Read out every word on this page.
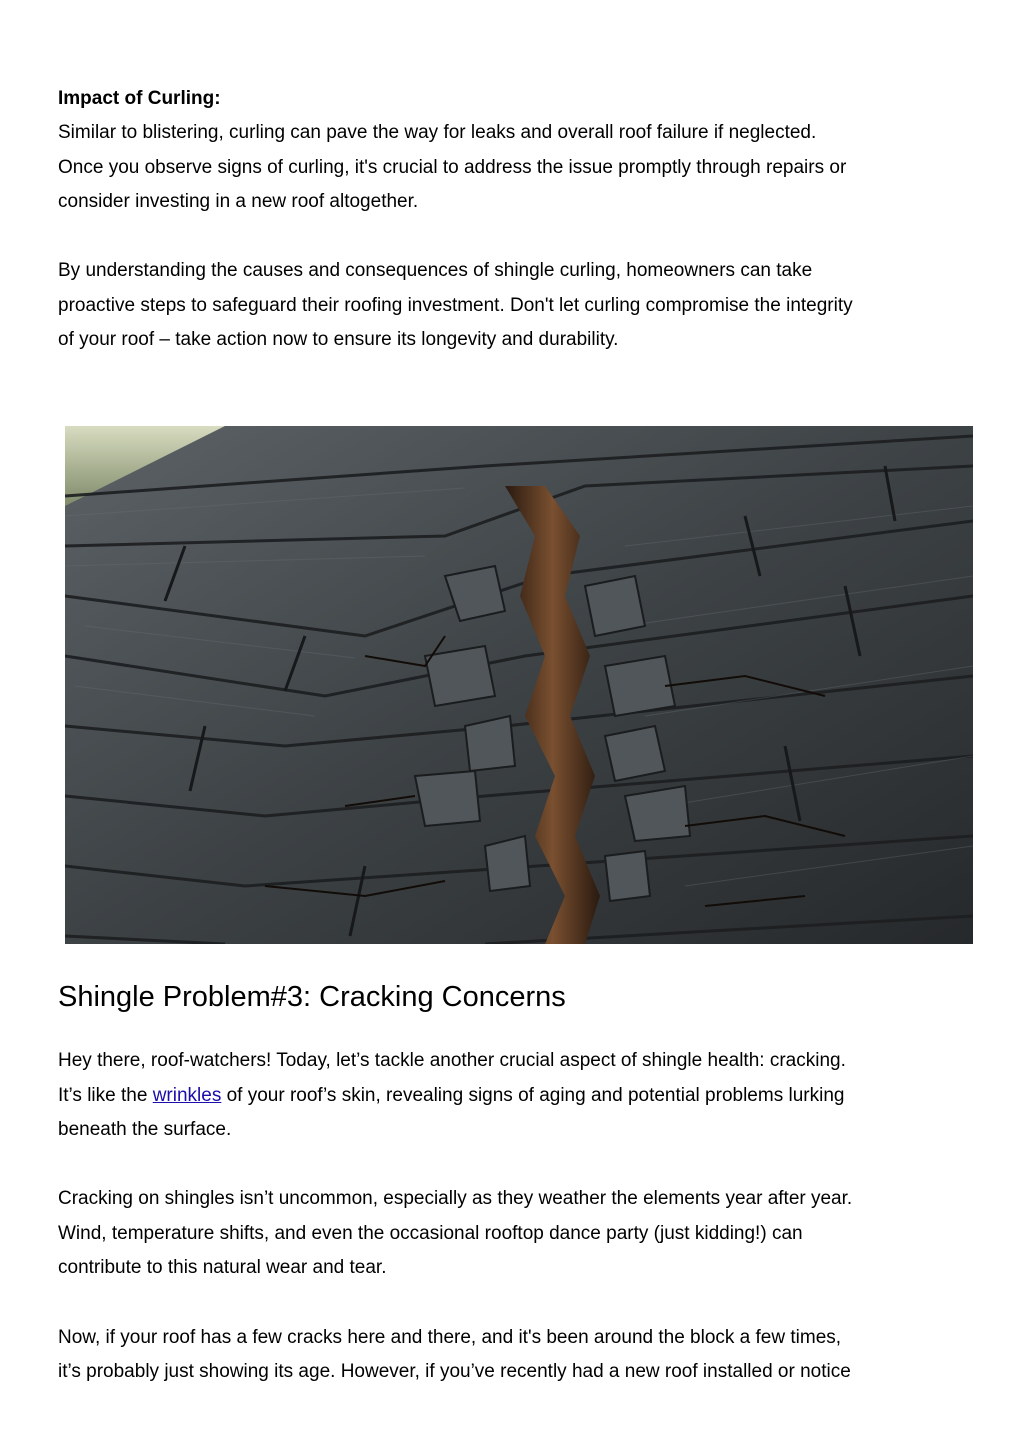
Impact of Curling:
Similar to blistering, curling can pave the way for leaks and overall roof failure if neglected.
Once you observe signs of curling, it's crucial to address the issue promptly through repairs or
consider investing in a new roof altogether.
By understanding the causes and consequences of shingle curling, homeowners can take
proactive steps to safeguard their roofing investment. Don't let curling compromise the integrity
of your roof – take action now to ensure its longevity and durability.
Shingle Problem#3: Cracking Concerns
Hey there, roof-watchers! Today, let’s tackle another crucial aspect of shingle health: cracking.
It’s like the wrinkles of your roof’s skin, revealing signs of aging and potential problems lurking
beneath the surface.
Cracking on shingles isn’t uncommon, especially as they weather the elements year after year.
Wind, temperature shifts, and even the occasional rooftop dance party (just kidding!) can
contribute to this natural wear and tear.
Now, if your roof has a few cracks here and there, and it's been around the block a few times,
it’s probably just showing its age. However, if you’ve recently had a new roof installed or notice
